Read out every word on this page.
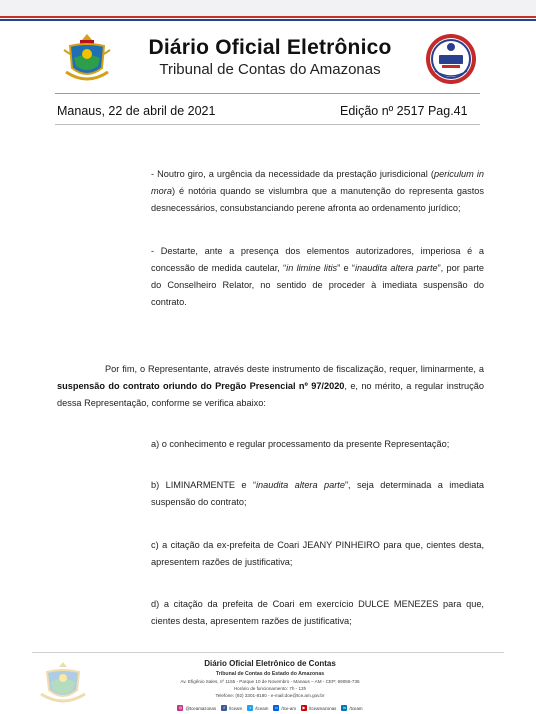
Diário Oficial Eletrônico
Tribunal de Contas do Amazonas
Manaus, 22 de abril de 2021	Edição nº 2517 Pag.41
- Noutro giro, a urgência da necessidade da prestação jurisdicional (periculum in mora) é notória quando se vislumbra que a manutenção do representa gastos desnecessários, consubstanciando perene afronta ao ordenamento jurídico;
- Destarte, ante a presença dos elementos autorizadores, imperiosa é a concessão de medida cautelar, “in limine litis” e “inaudita altera parte”, por parte do Conselheiro Relator, no sentido de proceder à imediata suspensão do contrato.
Por fim, o Representante, através deste instrumento de fiscalização, requer, liminarmente, a suspensão do contrato oriundo do Pregão Presencial nº 97/2020, e, no mérito, a regular instrução dessa Representação, conforme se verifica abaixo:
a) o conhecimento e regular processamento da presente Representação;
b) LIMINARMENTE e “inaudita altera parte”, seja determinada a imediata suspensão do contrato;
c) a citação da ex-prefeita de Coari JEANY PINHEIRO para que, cientes desta, apresentem razões de justificativa;
d) a citação da prefeita de Coari em exercício DULCE MENEZES para que, cientes desta, apresentem razões de justificativa;
Diário Oficial Eletrônico de Contas
Tribunal de Contas do Estado do Amazonas
Av. Efigênio Sales, nº 1155 - Parque 10 de Novembro - Manaus – AM - CEP: 69055-736
Horário de funcionamento: 7h - 13h
Telefone: (92) 3301-8180 - e-mail:doe@tce.am.gov.br
◎ @tceamazonas	f	/tceam	t	/tceam	•• /tce-am	▶ /tceamazonas	in /tceam
